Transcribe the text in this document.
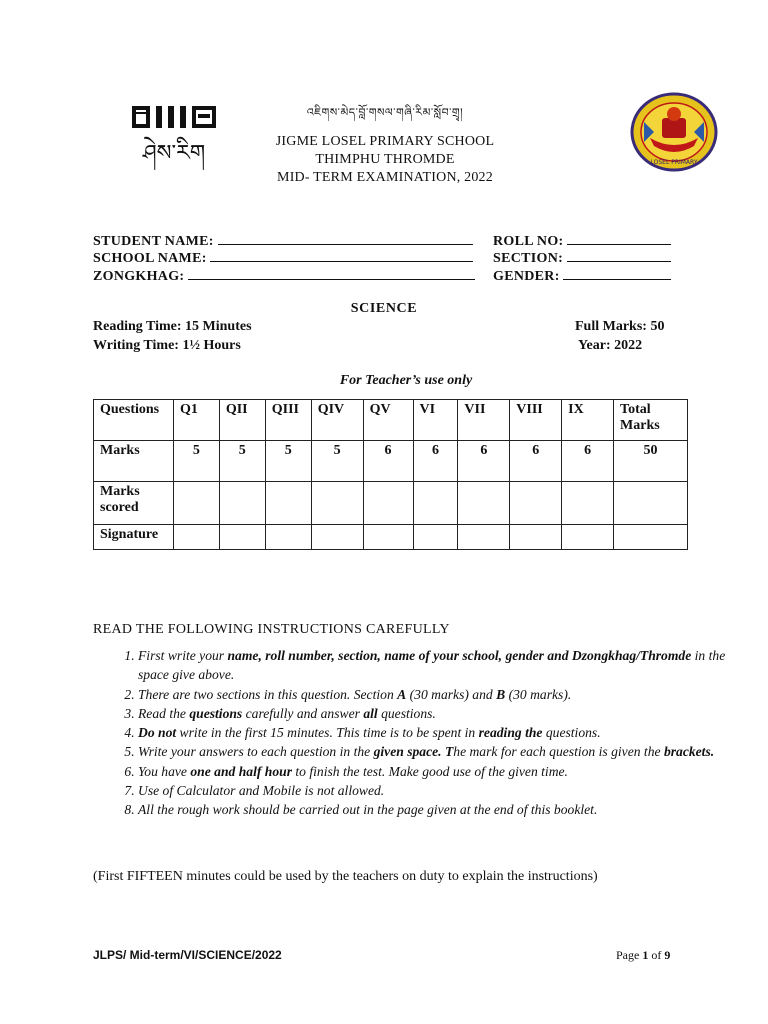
ཤེས་རིག
འཇིགས་མེད་བློ་གསལ་གཞི་རིམ་སློབ་གྲྭ།
JIGME LOSEL PRIMARY SCHOOL
THIMPHU THROMDE
MID- TERM EXAMINATION, 2022
LOSEL PRIMARY
STUDENT NAME:
SCHOOL NAME:
ZONGKHAG:
ROLL NO:
SECTION:
GENDER:
SCIENCE
Reading Time: 15 Minutes
Writing Time: 1½ Hours
Full Marks: 50
Year: 2022
For Teacher’s use only
Questions	Q1	QII	QIII	QIV	QV	VI	VII	VIII	IX	Total Marks
Marks	5	5	5	5	6	6	6	6	6	50
Marks scored										
Signature										
READ THE FOLLOWING INSTRUCTIONS CAREFULLY
1. First write your name, roll number, section, name of your school, gender and Dzongkhag/Thromde in the space give above.
2. There are two sections in this question. Section A (30 marks) and B (30 marks).
3. Read the questions carefully and answer all questions.
4. Do not write in the first 15 minutes. This time is to be spent in reading the questions.
5. Write your answers to each question in the given space. The mark for each question is given the brackets.
6. You have one and half hour to finish the test. Make good use of the given time.
7. Use of Calculator and Mobile is not allowed.
8. All the rough work should be carried out in the page given at the end of this booklet.
(First FIFTEEN minutes could be used by the teachers on duty to explain the instructions)
JLPS/ Mid-term/VI/SCIENCE/2022	Page 1 of 9
